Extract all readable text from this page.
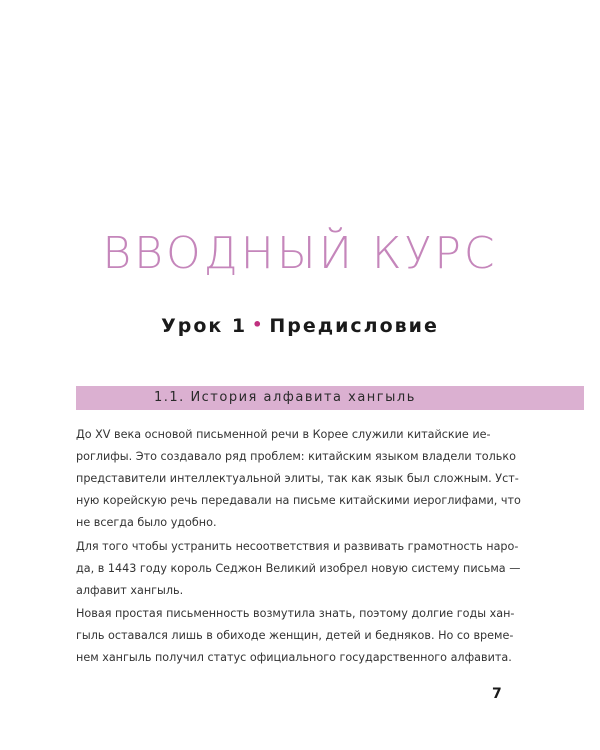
ВВОДНЫЙ КУРС
Урок 1 • Предисловие
1.1. История алфавита хангыль

До XV века основой письменной речи в Корее служили китайские ие-
роглифы. Это создавало ряд проблем: китайским языком владели только
представители интеллектуальной элиты, так как язык был сложным. Уст-
ную корейскую речь передавали на письме китайскими иероглифами, что
не всегда было удобно.

Для того чтобы устранить несоответствия и развивать грамотность наро-
да, в 1443 году король Седжон Великий изобрел новую систему письма —
алфавит хангыль.

Новая простая письменность возмутила знать, поэтому долгие годы хан-
гыль оставался лишь в обиходе женщин, детей и бедняков. Но со време-
нем хангыль получил статус официального государственного алфавита.

7
